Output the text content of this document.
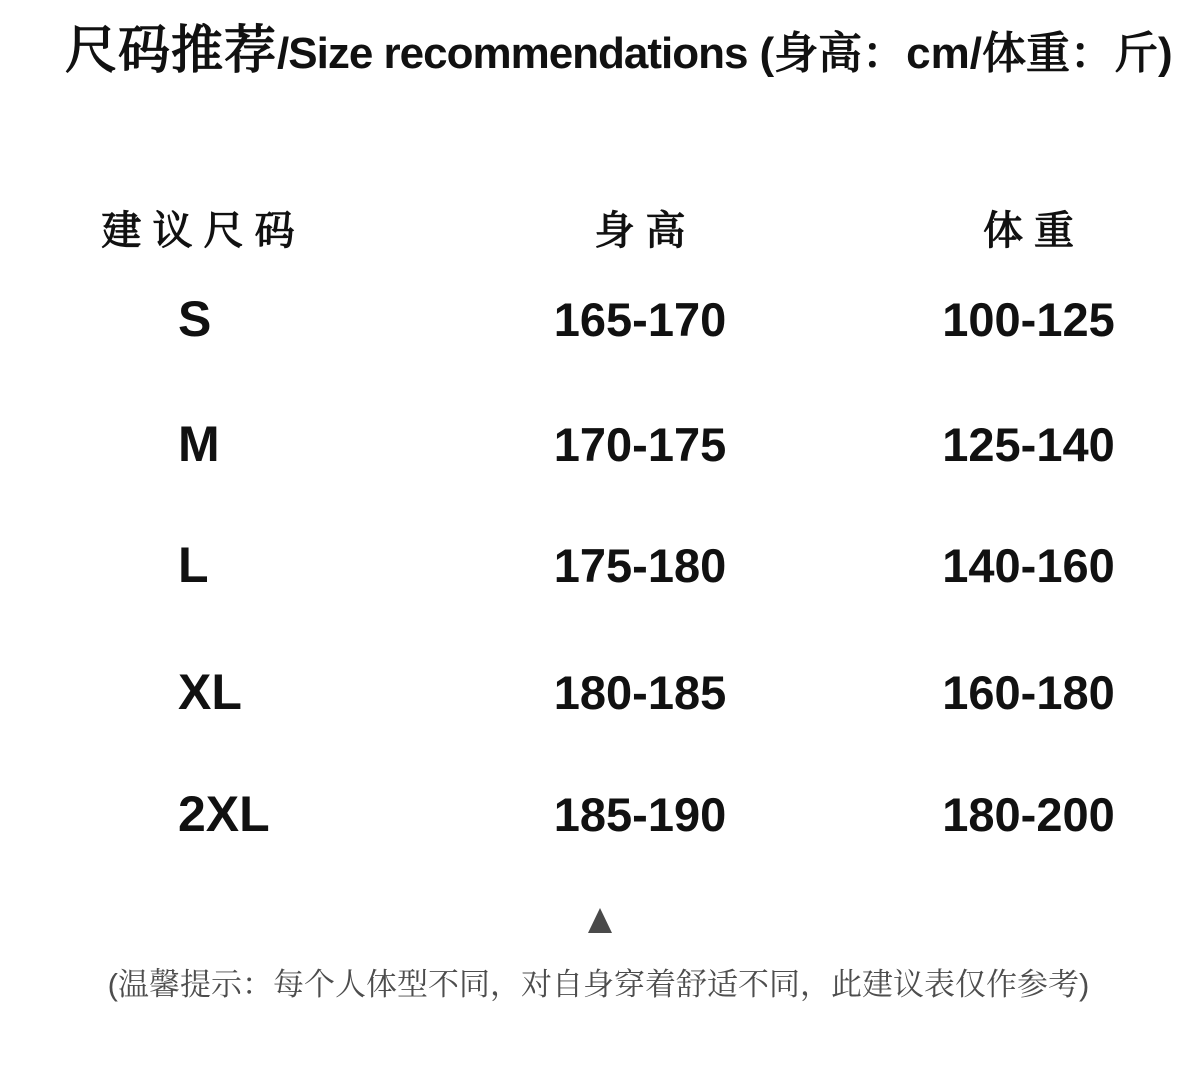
尺码推荐/Size recommendations (身高：cm/体重：斤)
建 议 尺 码	身 高	体 重
S	165-170	100-125
M	170-175	125-140
L	175-180	140-160
XL	180-185	160-180
2XL	185-190	180-200
(温馨提示：每个人体型不同，对自身穿着舒适不同，此建议表仅作参考)
